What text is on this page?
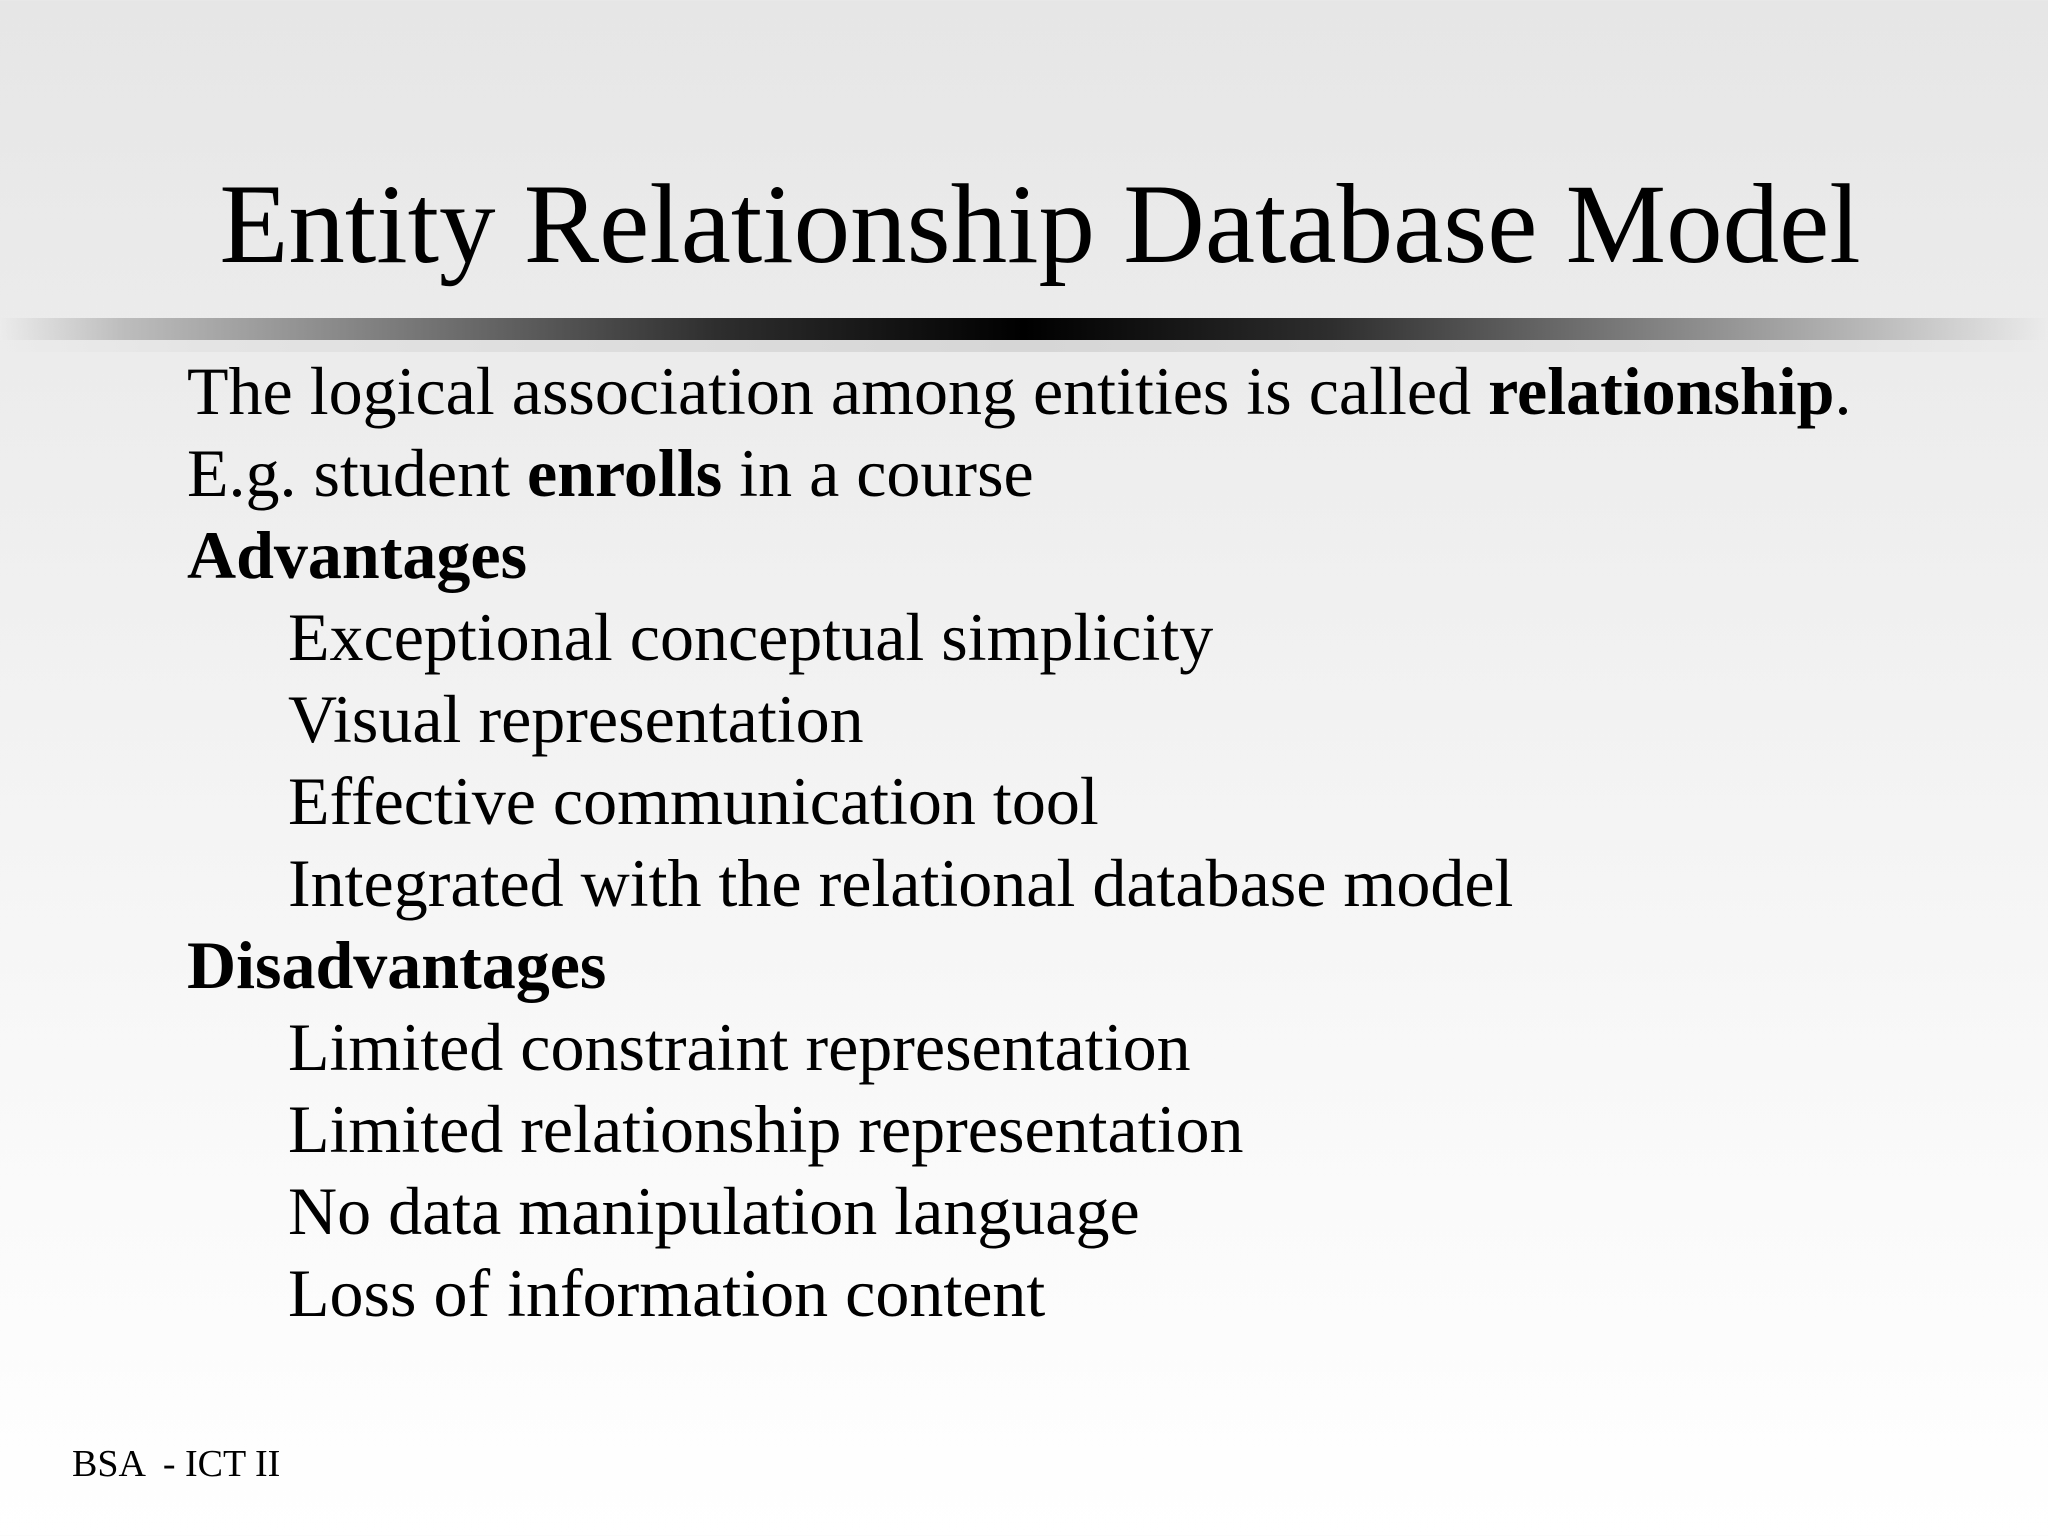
Entity Relationship Database Model
The logical association among entities is called relationship.
E.g. student enrolls in a course
Advantages
Exceptional conceptual simplicity
Visual representation
Effective communication tool
Integrated with the relational database model
Disadvantages
Limited constraint representation
Limited relationship representation
No data manipulation language
Loss of information content
BSA  - ICT II
